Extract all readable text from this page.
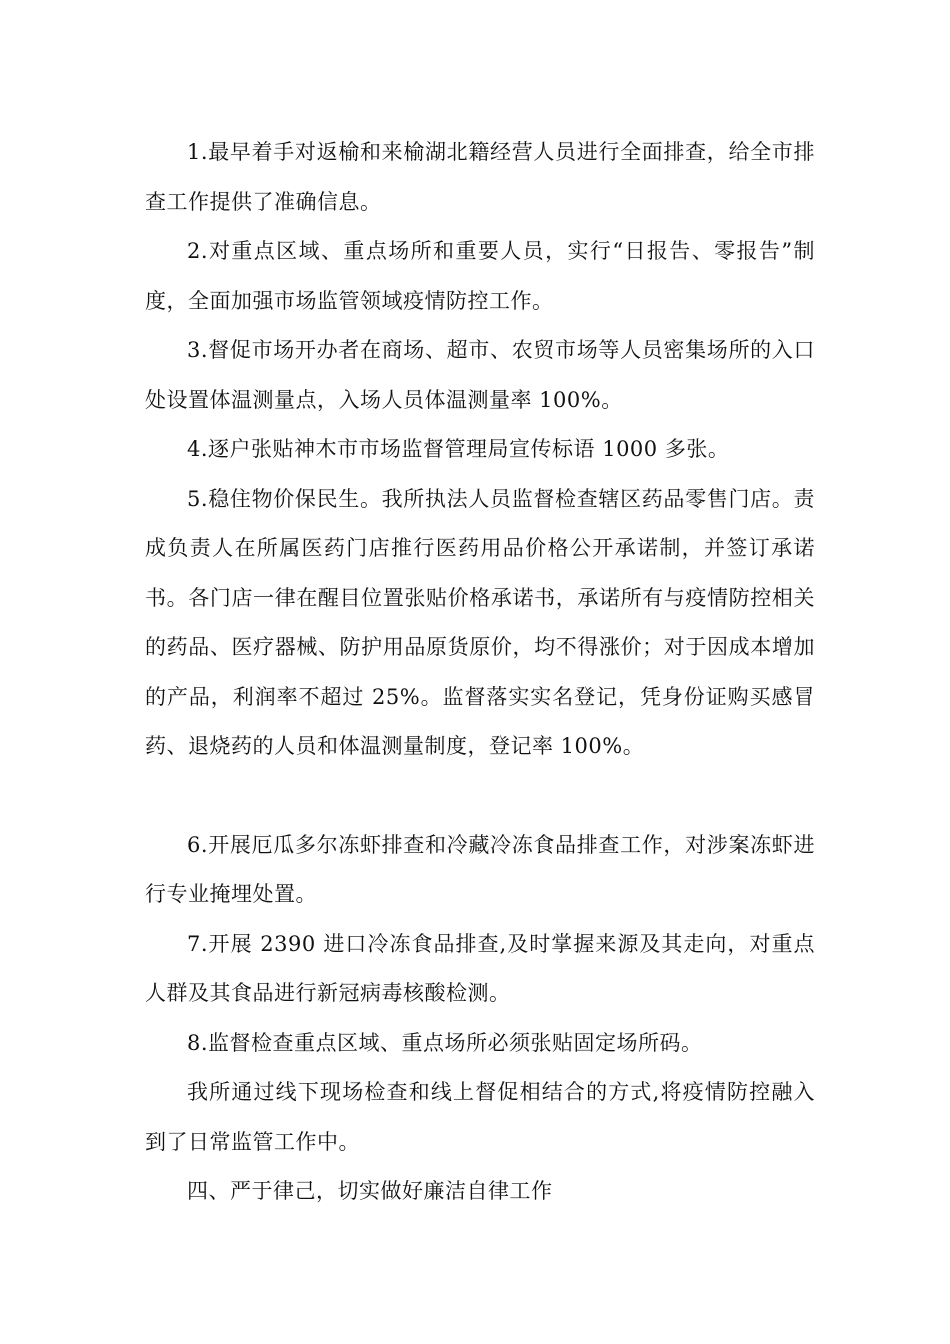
1.最早着手对返榆和来榆湖北籍经营人员进行全面排查，给全市排查工作提供了准确信息。

2.对重点区域、重点场所和重要人员，实行“日报告、零报告”制度，全面加强市场监管领域疫情防控工作。

3.督促市场开办者在商场、超市、农贸市场等人员密集场所的入口处设置体温测量点，入场人员体温测量率 100%。

4.逐户张贴神木市市场监督管理局宣传标语 1000 多张。

5.稳住物价保民生。我所执法人员监督检查辖区药品零售门店。责成负责人在所属医药门店推行医药用品价格公开承诺制，并签订承诺书。各门店一律在醒目位置张贴价格承诺书，承诺所有与疫情防控相关的药品、医疗器械、防护用品原货原价，均不得涨价；对于因成本增加的产品，利润率不超过 25%。监督落实实名登记，凭身份证购买感冒药、退烧药的人员和体温测量制度，登记率 100%。

6.开展厄瓜多尔冻虾排查和冷藏冷冻食品排查工作，对涉案冻虾进行专业掩埋处置。

7.开展 2390 进口冷冻食品排查,及时掌握来源及其走向，对重点人群及其食品进行新冠病毒核酸检测。

8.监督检查重点区域、重点场所必须张贴固定场所码。

我所通过线下现场检查和线上督促相结合的方式,将疫情防控融入到了日常监管工作中。

四、严于律己，切实做好廉洁自律工作
